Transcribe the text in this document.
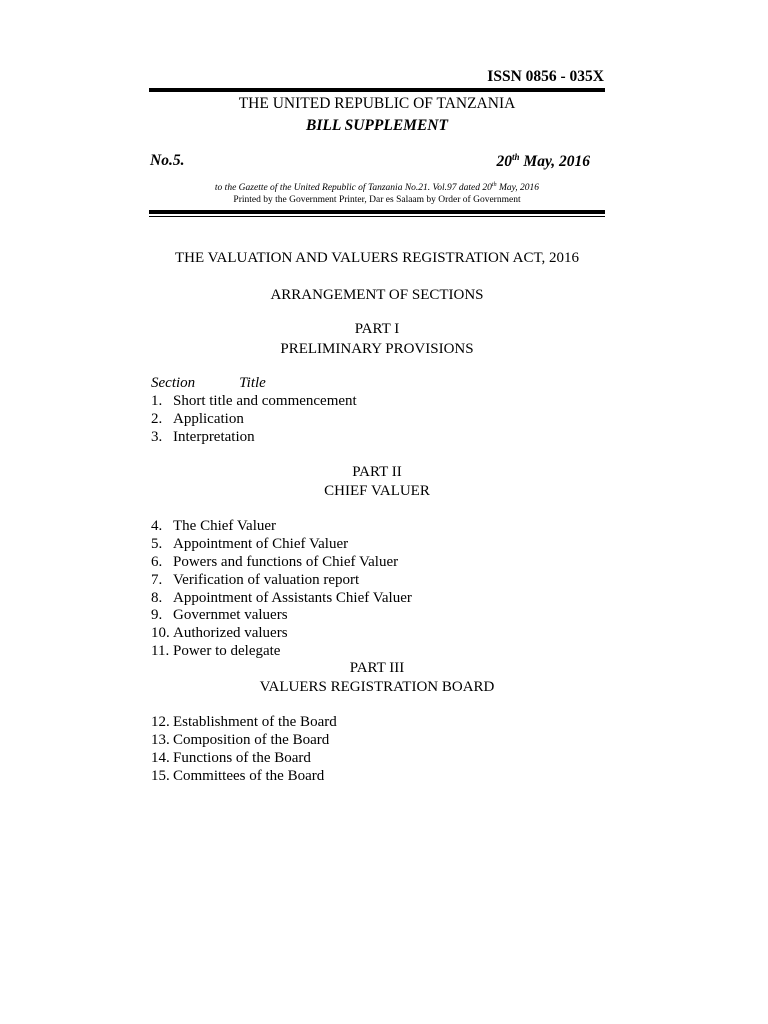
ISSN 0856 - 035X
THE UNITED REPUBLIC OF TANZANIA
BILL SUPPLEMENT
No.5.	20th May, 2016
to the Gazette of the United Republic of Tanzania No.21. Vol.97 dated 20th May, 2016
Printed by the Government Printer, Dar es Salaam by Order of Government
THE VALUATION AND VALUERS REGISTRATION ACT, 2016
ARRANGEMENT OF SECTIONS
PART I
PRELIMINARY PROVISIONS
Section	Title
1. Short title and commencement
2. Application
3. Interpretation
PART II
CHIEF VALUER
4. The Chief Valuer
5. Appointment of Chief Valuer
6. Powers and functions of Chief Valuer
7. Verification of valuation report
8. Appointment of Assistants Chief Valuer
9. Governmet valuers
10. Authorized valuers
11. Power to delegate
PART III
VALUERS REGISTRATION BOARD
12. Establishment of the Board
13. Composition of the Board
14. Functions of the Board
15. Committees of the Board
